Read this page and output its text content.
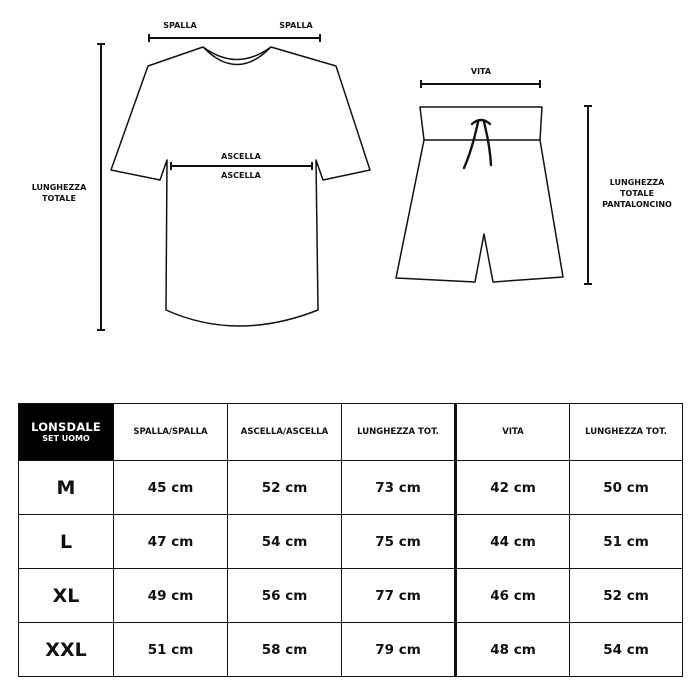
SPALLA	SPALLA
ASCELLA
ASCELLA
LUNGHEZZA
TOTALE
VITA
LUNGHEZZA
TOTALE
PANTALONCINO
LONSDALE
SET UOMO	SPALLA/SPALLA	ASCELLA/ASCELLA	LUNGHEZZA TOT.	VITA	LUNGHEZZA TOT.
M	45 cm	52 cm	73 cm	42 cm	50 cm
L	47 cm	54 cm	75 cm	44 cm	51 cm
XL	49 cm	56 cm	77 cm	46 cm	52 cm
XXL	51 cm	58 cm	79 cm	48 cm	54 cm
